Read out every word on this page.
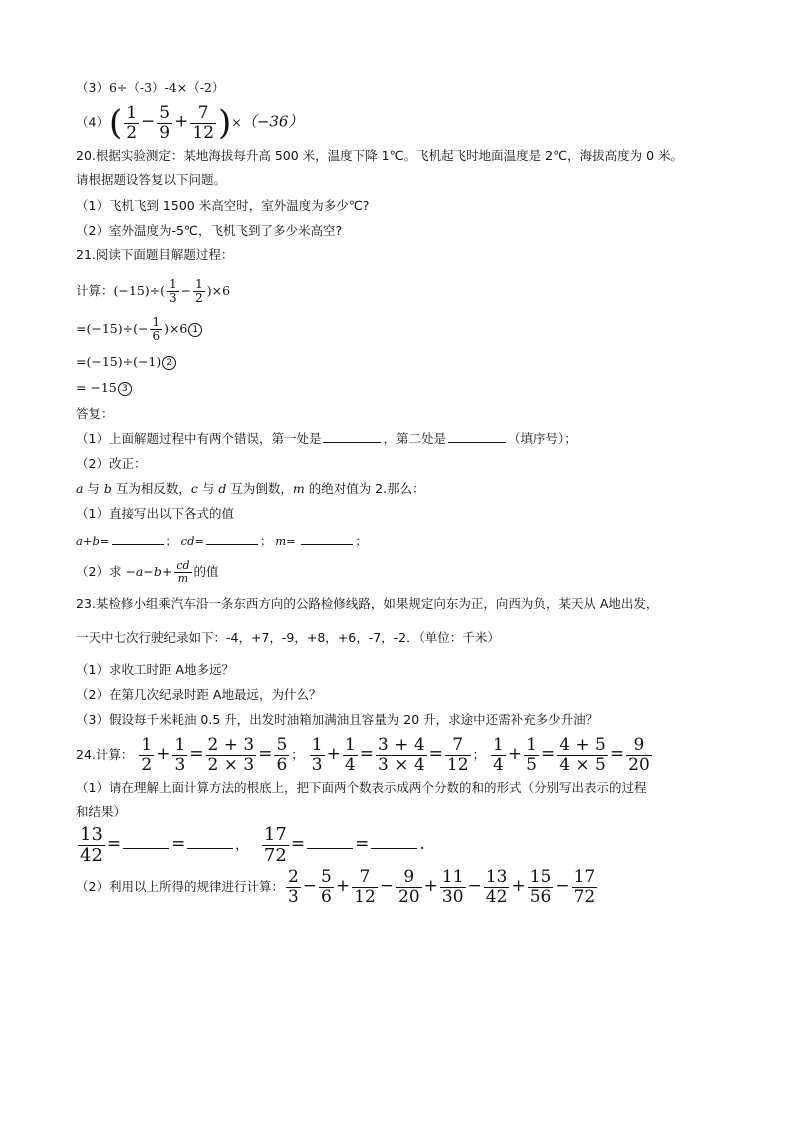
（3）6÷（-3）-4×（-2）
$(4)( \frac{1}{2} - \frac{5}{9} + \frac{7}{12} )\times(-36)$
20.根据实验测定：某地海拔每升高 500 米，温度下降 1℃。飞机起飞时地面温度是 2℃，海拔高度为 0 米。
请根据题设答复以下问题。
（1）飞机飞到 1500 米高空时，室外温度为多少℃?
（2）室外温度为-5℃，飞机飞到了多少米高空?
21.阅读下面题目解题过程：
计算：$(-15)\div( \frac{1}{3} - \frac{1}{2} )\times 6$
$=(-15)\div(- \frac{1}{6} )\times 6$ 1
=(−15)÷(−1) 2
= −15 3
答复：
（1）上面解题过程中有两个错误，第一处是	，第二处是	（填序号）；
（2）改正：
a 与 b 互为相反数，c 与 d 互为倒数，m 的绝对值为 2.那么：
（1）直接写出以下各式的值
a+b=	； cd=	； m=	；
（2）求 $-a-b+ \frac{cd}{m}$ 的值
23.某检修小组乘汽车沿一条东西方向的公路检修线路，如果规定向东为正，向西为负，某天从 A地出发，
一天中七次行驶纪录如下：-4，+7，-9，+8，+6，-7，-2．（单位：千米）
（1）求收工时距 A地多远？
（2）在第几次纪录时距 A地最远，为什么？
（3）假设每千米耗油 0.5 升，出发时油箱加满油且容量为 20 升，求途中还需补充多少升油？
24.计算： $\frac{1}{2} + \frac{1}{3} = \frac{2 + 3}{2 \times 3} = \frac{5}{6}$ ； $\frac{1}{3} + \frac{1}{4} = \frac{3 + 4}{3 \times 4} = \frac{7}{12}$ ； $\frac{1}{4} + \frac{1}{5} = \frac{4 + 5}{4 \times 5} = \frac{9}{20}$
（1）请在理解上面计算方法的根底上，把下面两个数表示成两个分数的和的形式（分别写出表示的过程
和结果）
$\frac{13}{42}$ =	=	， $\frac{17}{72}$ =	=	.
（2）利用以上所得的规律进行计算： $\frac{2}{3} - \frac{5}{6} + \frac{7}{12} - \frac{9}{20} + \frac{11}{30} - \frac{13}{42} + \frac{15}{56} - \frac{17}{72}$
